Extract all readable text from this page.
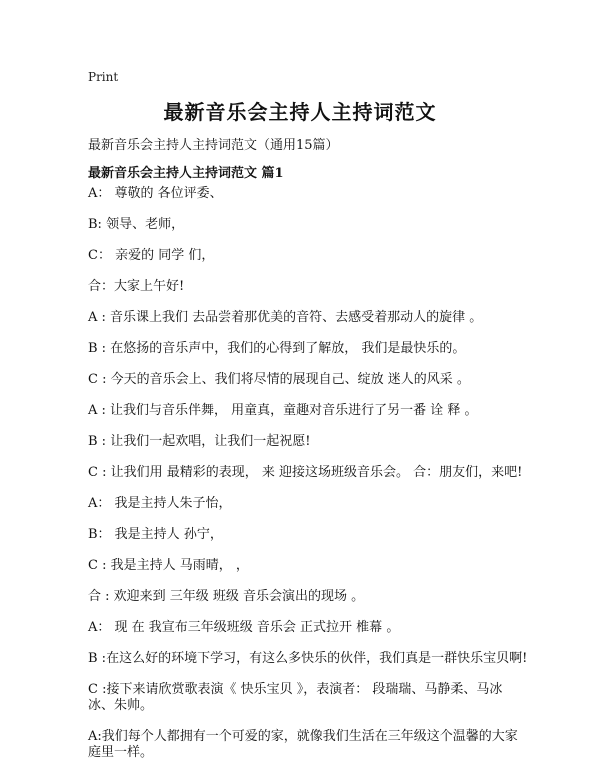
Print
最新音乐会主持人主持词范文
最新音乐会主持人主持词范文（通用15篇）
最新音乐会主持人主持词范文 篇1

A： 尊敬的 各位评委、

B: 领导、老师，

C： 亲爱的 同学 们，

合：大家上午好!

A : 音乐课上我们 去品尝着那优美的音符、去感受着那动人的旋律 。

B : 在悠扬的音乐声中，我们的心得到了解放， 我们是最快乐的。

C : 今天的音乐会上、我们将尽情的展现自己、绽放 迷人的风采 。

A : 让我们与音乐伴舞， 用童真，童趣对音乐进行了另一番 诠 释 。

B : 让我们一起欢唱，让我们一起祝愿!

C : 让我们用 最精彩的表现， 来 迎接这场班级音乐会。 合：朋友们，来吧!

A： 我是主持人朱子怡，

B： 我是主持人 孙宁，

C : 我是主持人 马雨晴， ，

合 : 欢迎来到 三年级 班级 音乐会演出的现场 。

A： 现 在 我宣布三年级班级 音乐会 正式拉开 椎幕 。

B :在这么好的环境下学习，有这么多快乐的伙伴，我们真是一群快乐宝贝啊!

C :接下来请欣赏歌表演《 快乐宝贝 》，表演者： 段瑞瑞、马静柔、马冰冰、朱帅。

A:我们每个人都拥有一个可爱的家，就像我们生活在三年级这个温馨的大家庭里一样。
